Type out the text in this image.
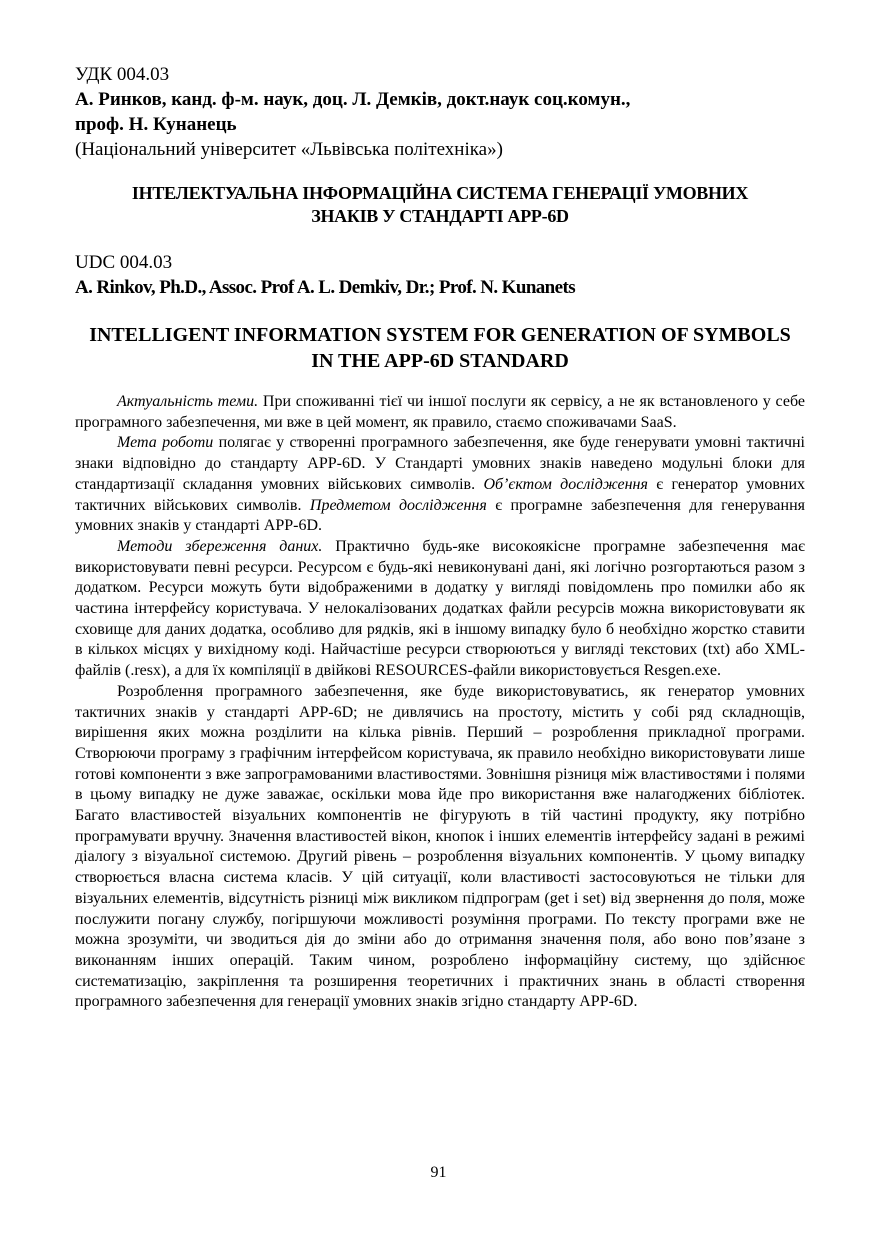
УДК 004.03
А. Ринков, канд. ф-м. наук, доц. Л. Демків, докт.наук соц.комун.,
проф. Н. Кунанець
(Національний університет «Львівська політехніка»)
ІНТЕЛЕКТУАЛЬНА ІНФОРМАЦІЙНА СИСТЕМА ГЕНЕРАЦІЇ УМОВНИХ
ЗНАКІВ У СТАНДАРТІ APP-6D
UDC 004.03
A. Rinkov, Ph.D., Assoc. Prof A. L. Demkiv, Dr.; Prof. N. Kunanets
INTELLIGENT INFORMATION SYSTEM FOR GENERATION OF SYMBOLS
IN THE APP-6D STANDARD

Актуальність теми. При споживанні тієї чи іншої послуги як сервісу, а не як встановленого у себе програмного забезпечення, ми вже в цей момент, як правило, стаємо споживачами SaaS.

Мета роботи полягає у створенні програмного забезпечення, яке буде генерувати умовні тактичні знаки відповідно до стандарту APP-6D. У Стандарті умовних знаків наведено модульні блоки для стандартизації складання умовних військових символів. Об’єктом дослідження є генератор умовних тактичних військових символів. Предметом дослідження є програмне забезпечення для генерування умовних знаків у стандарті APP-6D.

Методи збереження даних. Практично будь-яке високоякісне програмне забезпечення має використовувати певні ресурси. Ресурсом є будь-які невиконувані дані, які логічно розгортаються разом з додатком. Ресурси можуть бути відображеними в додатку у вигляді повідомлень про помилки або як частина інтерфейсу користувача. У нелокалізованих додатках файли ресурсів можна використовувати як сховище для даних додатка, особливо для рядків, які в іншому випадку було б необхідно жорстко ставити в кількох місцях у вихідному коді. Найчастіше ресурси створюються у вигляді текстових (txt) або XML-файлів (.resx), а для їх компіляції в двійкові RESOURCES-файли використовується Resgen.exe.

Розроблення програмного забезпечення, яке буде використовуватись, як генератор умовних тактичних знаків у стандарті APP-6D; не дивлячись на простоту, містить у собі ряд складнощів, вирішення яких можна розділити на кілька рівнів. Перший – розроблення прикладної програми. Створюючи програму з графічним інтерфейсом користувача, як правило необхідно використовувати лише готові компоненти з вже запрограмованими властивостями. Зовнішня різниця між властивостями і полями в цьому випадку не дуже заважає, оскільки мова йде про використання вже налагоджених бібліотек. Багато властивостей візуальних компонентів не фігурують в тій частині продукту, яку потрібно програмувати вручну. Значення властивостей вікон, кнопок і інших елементів інтерфейсу задані в режимі діалогу з візуальної системою. Другий рівень – розроблення візуальних компонентів. У цьому випадку створюється власна система класів. У цій ситуації, коли властивості застосовуються не тільки для візуальних елементів, відсутність різниці між викликом підпрограм (get і set) від звернення до поля, може послужити погану службу, погіршуючи можливості розуміння програми. По тексту програми вже не можна зрозуміти, чи зводиться дія до зміни або до отримання значення поля, або воно пов’язане з виконанням інших операцій. Таким чином, розроблено інформаційну систему, що здійснює систематизацію, закріплення та розширення теоретичних і практичних знань в області створення програмного забезпечення для генерації умовних знаків згідно стандарту APP-6D.

91
